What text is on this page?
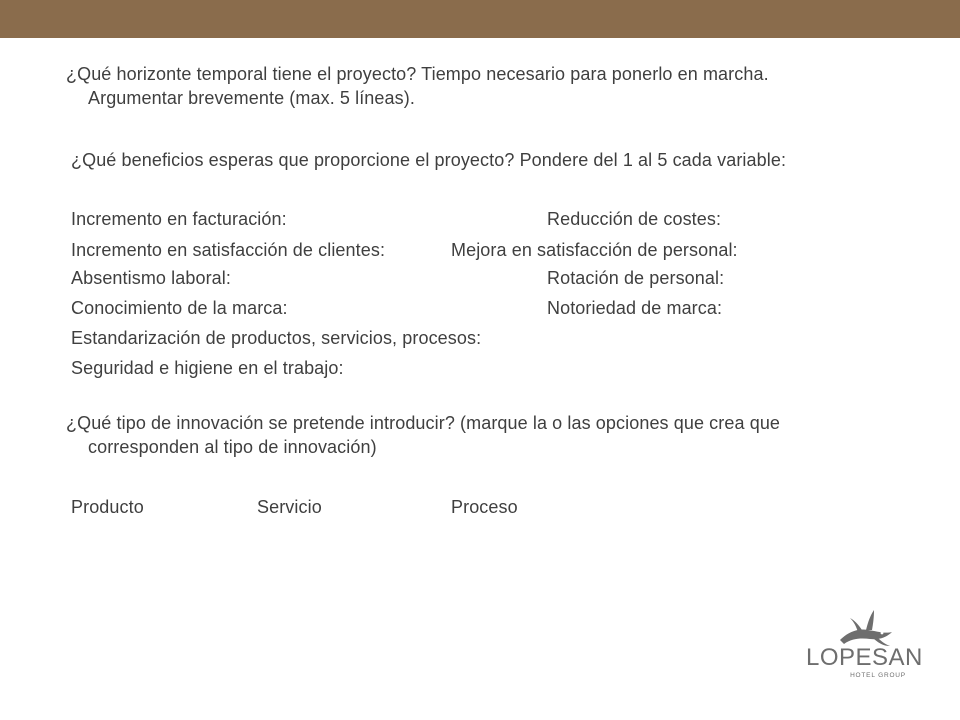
¿Qué horizonte temporal tiene el proyecto? Tiempo necesario para ponerlo en marcha.
Argumentar brevemente (max. 5 líneas).
¿Qué beneficios esperas que proporcione el proyecto? Pondere del 1 al 5 cada variable:
Incremento en facturación:	Reducción de costes:
Incremento en satisfacción de clientes:	Mejora en satisfacción de personal:
Absentismo laboral:	Rotación de personal:
Conocimiento de la marca:	Notoriedad de marca:
Estandarización de productos, servicios, procesos:
Seguridad e higiene en el trabajo:
¿Qué tipo de innovación se pretende introducir? (marque la o las opciones que crea que
corresponden al tipo de innovación)
Producto	Servicio	Proceso
LOPESAN
HOTEL GROUP
